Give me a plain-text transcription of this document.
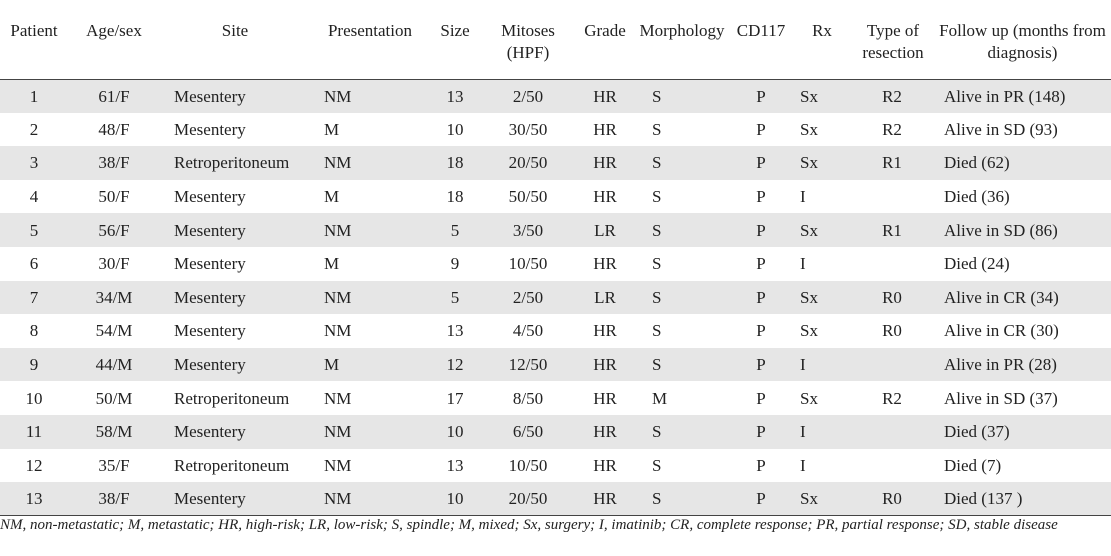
Patient	Age/sex	Site	Presentation	Size	Mitoses (HPF)	Grade	Morphology	CD117	Rx	Type of resection	Follow up (months from diagnosis)
1	61/F	Mesentery	NM	13	2/50	HR	S	P	Sx	R2	Alive in PR (148)
2	48/F	Mesentery	M	10	30/50	HR	S	P	Sx	R2	Alive in SD (93)
3	38/F	Retroperitoneum	NM	18	20/50	HR	S	P	Sx	R1	Died (62)
4	50/F	Mesentery	M	18	50/50	HR	S	P	I		Died (36)
5	56/F	Mesentery	NM	5	3/50	LR	S	P	Sx	R1	Alive in SD (86)
6	30/F	Mesentery	M	9	10/50	HR	S	P	I		Died (24)
7	34/M	Mesentery	NM	5	2/50	LR	S	P	Sx	R0	Alive in CR (34)
8	54/M	Mesentery	NM	13	4/50	HR	S	P	Sx	R0	Alive in CR (30)
9	44/M	Mesentery	M	12	12/50	HR	S	P	I		Alive in PR (28)
10	50/M	Retroperitoneum	NM	17	8/50	HR	M	P	Sx	R2	Alive in SD (37)
11	58/M	Mesentery	NM	10	6/50	HR	S	P	I		Died (37)
12	35/F	Retroperitoneum	NM	13	10/50	HR	S	P	I		Died (7)
13	38/F	Mesentery	NM	10	20/50	HR	S	P	Sx	R0	Died (137 )
NM, non-metastatic; M, metastatic; HR, high-risk; LR, low-risk; S, spindle; M, mixed; Sx, surgery; I, imatinib; CR, complete response; PR, partial response; SD, stable disease
